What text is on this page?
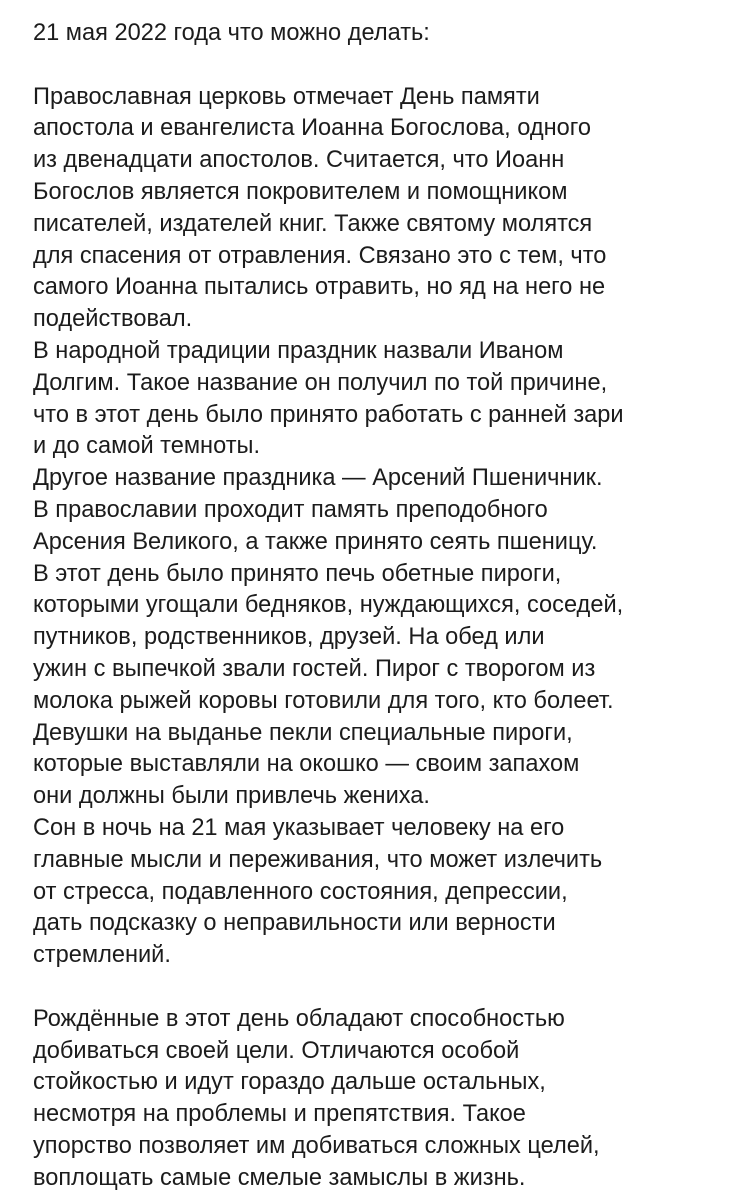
21 мая 2022 года что можно делать:
Православная церковь отмечает День памяти
апостола и евангелиста Иоанна Богослова, одного
из двенадцати апостолов. Считается, что Иоанн
Богослов является покровителем и помощником
писателей, издателей книг. Также святому молятся
для спасения от отравления. Связано это с тем, что
самого Иоанна пытались отравить, но яд на него не
подействовал.
В народной традиции праздник назвали Иваном
Долгим. Такое название он получил по той причине,
что в этот день было принято работать с ранней зари
и до самой темноты.
Другое название праздника — Арсений Пшеничник.
В православии проходит память преподобного
Арсения Великого, а также принято сеять пшеницу.
В этот день было принято печь обетные пироги,
которыми угощали бедняков, нуждающихся, соседей,
путников, родственников, друзей. На обед или
ужин с выпечкой звали гостей. Пирог с творогом из
молока рыжей коровы готовили для того, кто болеет.
Девушки на выданье пекли специальные пироги,
которые выставляли на окошко — своим запахом
они должны были привлечь жениха.
Сон в ночь на 21 мая указывает человеку на его
главные мысли и переживания, что может излечить
от стресса, подавленного состояния, депрессии,
дать подсказку о неправильности или верности
стремлений.
Рождённые в этот день обладают способностью
добиваться своей цели. Отличаются особой
стойкостью и идут гораздо дальше остальных,
несмотря на проблемы и препятствия. Такое
упорство позволяет им добиваться сложных целей,
воплощать самые смелые замыслы в жизнь.
